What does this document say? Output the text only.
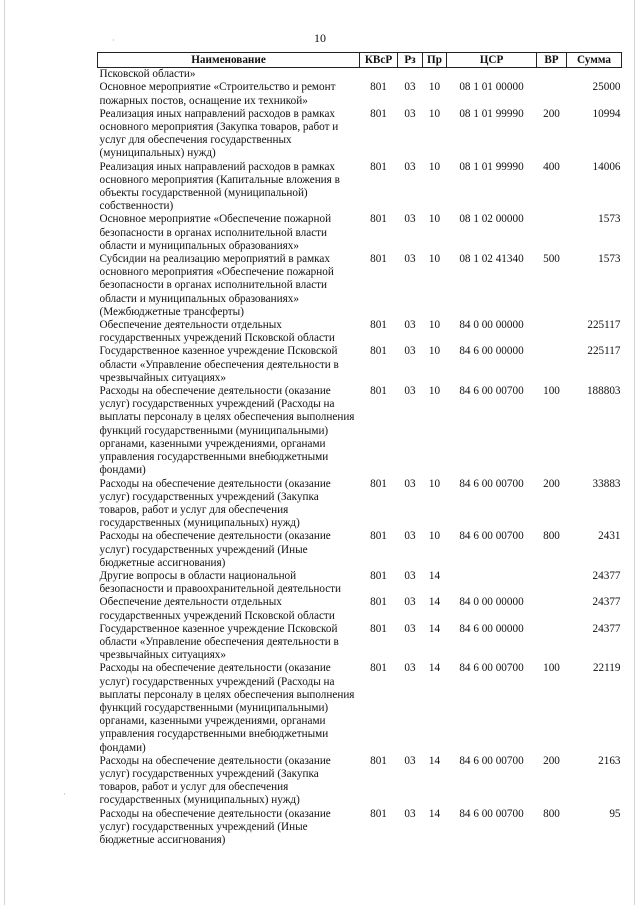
·
·
10
Наименование	КВсР	Рз	Пр	ЦСР	ВР	Сумма
Псковской области»						
Основное мероприятие «Строительство и ремонт пожарных постов, оснащение их техникой»	801	03	10	08 1 01 00000		25000
Реализация иных направлений расходов в рамках основного мероприятия (Закупка товаров, работ и услуг для обеспечения государственных (муниципальных) нужд)	801	03	10	08 1 01 99990	200	10994
Реализация иных направлений расходов в рамках основного мероприятия (Капитальные вложения в объекты государственной (муниципальной) собственности)	801	03	10	08 1 01 99990	400	14006
Основное мероприятие «Обеспечение пожарной безопасности в органах исполнительной власти области и муниципальных образованиях»	801	03	10	08 1 02 00000		1573
Субсидии на реализацию мероприятий в рамках основного мероприятия «Обеспечение пожарной безопасности в органах исполнительной власти области и муниципальных образованиях» (Межбюджетные трансферты)	801	03	10	08 1 02 41340	500	1573
Обеспечение деятельности отдельных государственных учреждений Псковской области	801	03	10	84 0 00 00000		225117
Государственное казенное учреждение Псковской области «Управление обеспечения деятельности в чрезвычайных ситуациях»	801	03	10	84 6 00 00000		225117
Расходы на обеспечение деятельности (оказание услуг) государственных учреждений (Расходы на выплаты персоналу в целях обеспечения выполнения функций государственными (муниципальными) органами, казенными учреждениями, органами управления государственными внебюджетными фондами)	801	03	10	84 6 00 00700	100	188803
Расходы на обеспечение деятельности (оказание услуг) государственных учреждений (Закупка товаров, работ и услуг для обеспечения государственных (муниципальных) нужд)	801	03	10	84 6 00 00700	200	33883
Расходы на обеспечение деятельности (оказание услуг) государственных учреждений (Иные бюджетные ассигнования)	801	03	10	84 6 00 00700	800	2431
Другие вопросы в области национальной безопасности и правоохранительной деятельности	801	03	14			24377
Обеспечение деятельности отдельных государственных учреждений Псковской области	801	03	14	84 0 00 00000		24377
Государственное казенное учреждение Псковской области «Управление обеспечения деятельности в чрезвычайных ситуациях»	801	03	14	84 6 00 00000		24377
Расходы на обеспечение деятельности (оказание услуг) государственных учреждений (Расходы на выплаты персоналу в целях обеспечения выполнения функций государственными (муниципальными) органами, казенными учреждениями, органами управления государственными внебюджетными фондами)	801	03	14	84 6 00 00700	100	22119
Расходы на обеспечение деятельности (оказание услуг) государственных учреждений (Закупка товаров, работ и услуг для обеспечения государственных (муниципальных) нужд)	801	03	14	84 6 00 00700	200	2163
Расходы на обеспечение деятельности (оказание услуг) государственных учреждений (Иные бюджетные ассигнования)	801	03	14	84 6 00 00700	800	95
